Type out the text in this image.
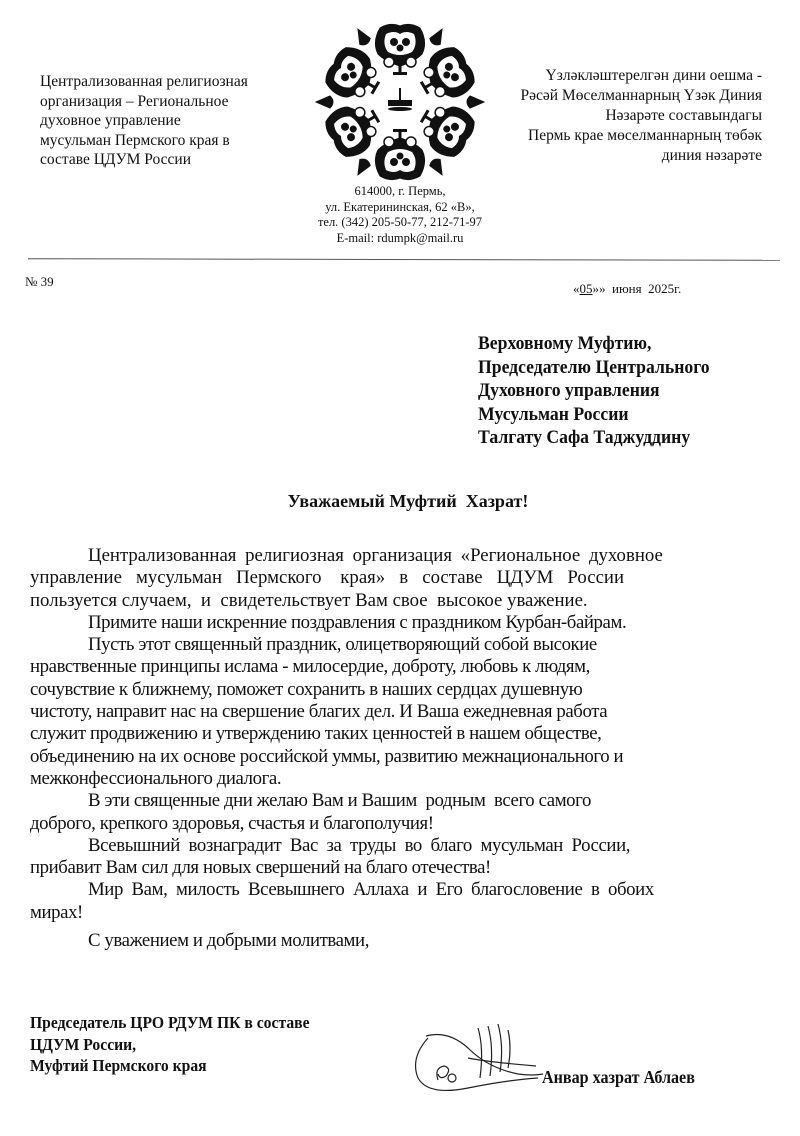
Централизованная религиозная
организация – Региональное
духовное управление
мусульман Пермского края в
составе ЦДУМ России
614000, г. Пермь,
ул. Екатерининская, 62 «В»,
тел. (342) 205-50-77, 212-71-97
E-mail: rdumpk@mail.ru
Үзләкләштерелгән дини оешма -
Рәсәй Мөселманнарның Үзәк Диния
Нәзарәте составындагы
Пермь крае мөселманнарның төбәк
диния нәзарәте
№ 39	«05»»  июня  2025г.
Верховному Муфтию,
Председателю Центрального
Духовного управления
Мусульман России
Талгату Сафа Таджуддину
Уважаемый Муфтий  Хазрат!

Централизованная религиозная организация «Региональное духовное

управление   мусульман   Пермского    края»   в   составе   ЦДУМ   России

пользуется случаем,  и  свидетельствует Вам свое  высокое уважение.

Примите наши искренние поздравления с праздником Курбан-байрам.

Пусть этот священный праздник, олицетворяющий собой высокие

нравственные принципы ислама - милосердие, доброту, любовь к людям,

сочувствие к ближнему, поможет сохранить в наших сердцах душевную

чистоту, направит нас на свершение благих дел. И Ваша ежедневная работа

служит продвижению и утверждению таких ценностей в нашем обществе,

объединению на их основе российской уммы, развитию межнационального и

межконфессионального диалога.

В эти священные дни желаю Вам и Вашим  родным  всего самого

доброго, крепкого здоровья, счастья и благополучия!

Всевышний  вознаградит  Вас  за  труды  во  благо  мусульман  России,

прибавит Вам сил для новых свершений на благо отечества!

Мир  Вам,  милость  Всевышнего  Аллаха  и  Его  благословение  в  обоих

мирах!

С уважением и добрыми молитвами,

Председатель ЦРО РДУМ ПК в составе
ЦДУМ России,
Муфтий Пермского края
Анвар хазрат Аблаев
